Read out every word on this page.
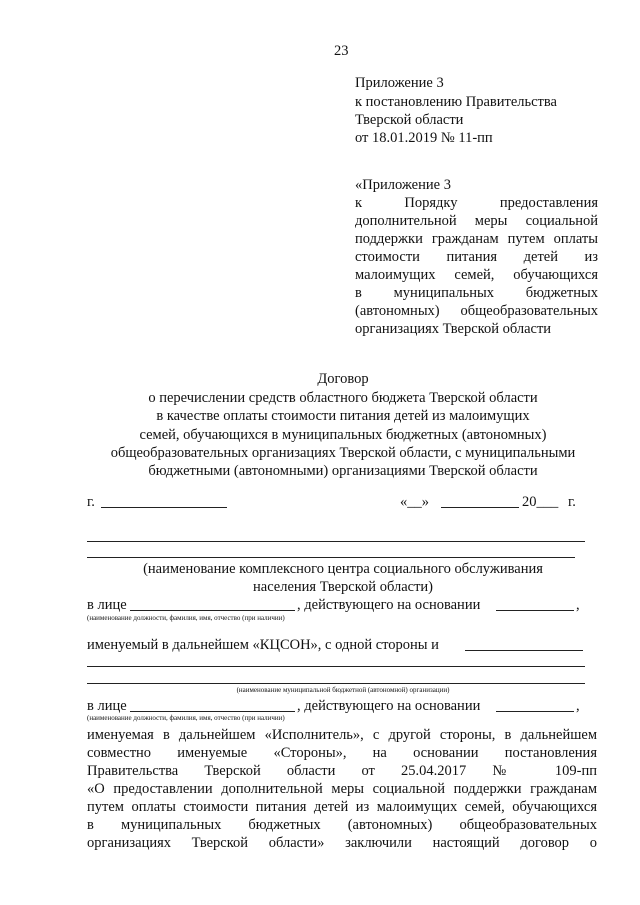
23
Приложение 3
к постановлению Правительства
Тверской области
от 18.01.2019 № 11-пп
«Приложение 3
к Порядку предоставления
дополнительной меры социальной
поддержки гражданам путем оплаты
стоимости питания детей из
малоимущих семей, обучающихся
в муниципальных бюджетных
(автономных) общеобразовательных
организациях Тверской области
Договор
о перечислении средств областного бюджета Тверской области
в качестве оплаты стоимости питания детей из малоимущих
семей, обучающихся в муниципальных бюджетных (автономных)
общеобразовательных организациях Тверской области, с муниципальными
бюджетными (автономными) организациями Тверской области
г.	«__»	20___ г.
(наименование комплексного центра социального обслуживания
населения Тверской области)
в лице	, действующего на основании	,
(наименование должности, фамилия, имя, отчество (при наличии)
именуемый в дальнейшем «КЦСОН», с одной стороны и
(наименование муниципальной бюджетной (автономной) организации)
в лице	, действующего на основании	,
(наименование должности, фамилия, имя, отчество (при наличии)
именуемая в дальнейшем «Исполнитель», с другой стороны, в дальнейшем
совместно именуемые «Стороны», на основании постановления
Правительства Тверской области от 25.04.2017 № 109-пп
«О предоставлении дополнительной меры социальной поддержки гражданам
путем оплаты стоимости питания детей из малоимущих семей, обучающихся
в муниципальных бюджетных (автономных) общеобразовательных
организациях Тверской области» заключили настоящий договор о
